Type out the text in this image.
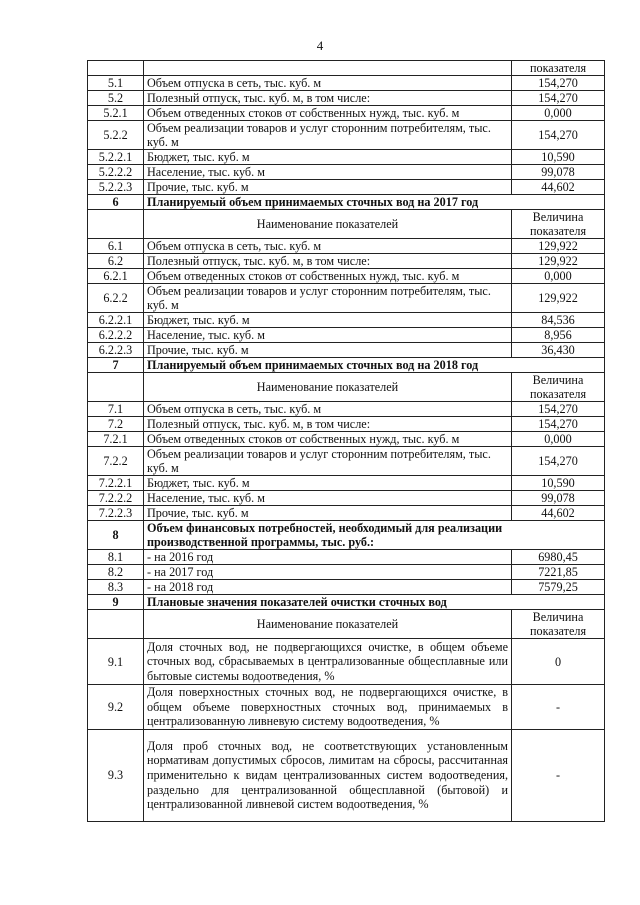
4
		показателя
5.1	Объем отпуска в сеть, тыс. куб. м	154,270
5.2	Полезный отпуск, тыс. куб. м, в том числе:	154,270
5.2.1	Объем отведенных стоков от собственных нужд, тыс. куб. м	0,000
5.2.2	Объем реализации товаров и услуг сторонним потребителям, тыс. куб. м	154,270
5.2.2.1	Бюджет, тыс. куб. м	10,590
5.2.2.2	Население, тыс. куб. м	99,078
5.2.2.3	Прочие, тыс. куб. м	44,602
6	Планируемый объем принимаемых сточных вод на 2017 год	
	Наименование показателей	Величина показателя
6.1	Объем отпуска в сеть, тыс. куб. м	129,922
6.2	Полезный отпуск, тыс. куб. м, в том числе:	129,922
6.2.1	Объем отведенных стоков от собственных нужд, тыс. куб. м	0,000
6.2.2	Объем реализации товаров и услуг сторонним потребителям, тыс. куб. м	129,922
6.2.2.1	Бюджет, тыс. куб. м	84,536
6.2.2.2	Население, тыс. куб. м	8,956
6.2.2.3	Прочие, тыс. куб. м	36,430
7	Планируемый объем принимаемых сточных вод на 2018 год	
	Наименование показателей	Величина показателя
7.1	Объем отпуска в сеть, тыс. куб. м	154,270
7.2	Полезный отпуск, тыс. куб. м, в том числе:	154,270
7.2.1	Объем отведенных стоков от собственных нужд, тыс. куб. м	0,000
7.2.2	Объем реализации товаров и услуг сторонним потребителям, тыс. куб. м	154,270
7.2.2.1	Бюджет, тыс. куб. м	10,590
7.2.2.2	Население, тыс. куб. м	99,078
7.2.2.3	Прочие, тыс. куб. м	44,602
8	Объем финансовых потребностей, необходимый для реализации производственной программы, тыс. руб.:	
8.1	- на 2016 год	6980,45
8.2	- на 2017 год	7221,85
8.3	- на 2018 год	7579,25
9	Плановые значения показателей очистки сточных вод	
	Наименование показателей	Величина показателя
9.1	Доля сточных вод, не подвергающихся очистке, в общем объеме сточных вод, сбрасываемых в централизованные общесплавные или бытовые системы водоотведения, %	0
9.2	Доля поверхностных сточных вод, не подвергающихся очистке, в общем объеме поверхностных сточных вод, принимаемых в централизованную ливневую систему водоотведения, %	-
9.3	Доля проб сточных вод, не соответствующих установленным нормативам допустимых сбросов, лимитам на сбросы, рассчитанная применительно к видам централизованных систем водоотведения, раздельно для централизованной общесплавной (бытовой) и централизованной ливневой систем водоотведения, %	-
